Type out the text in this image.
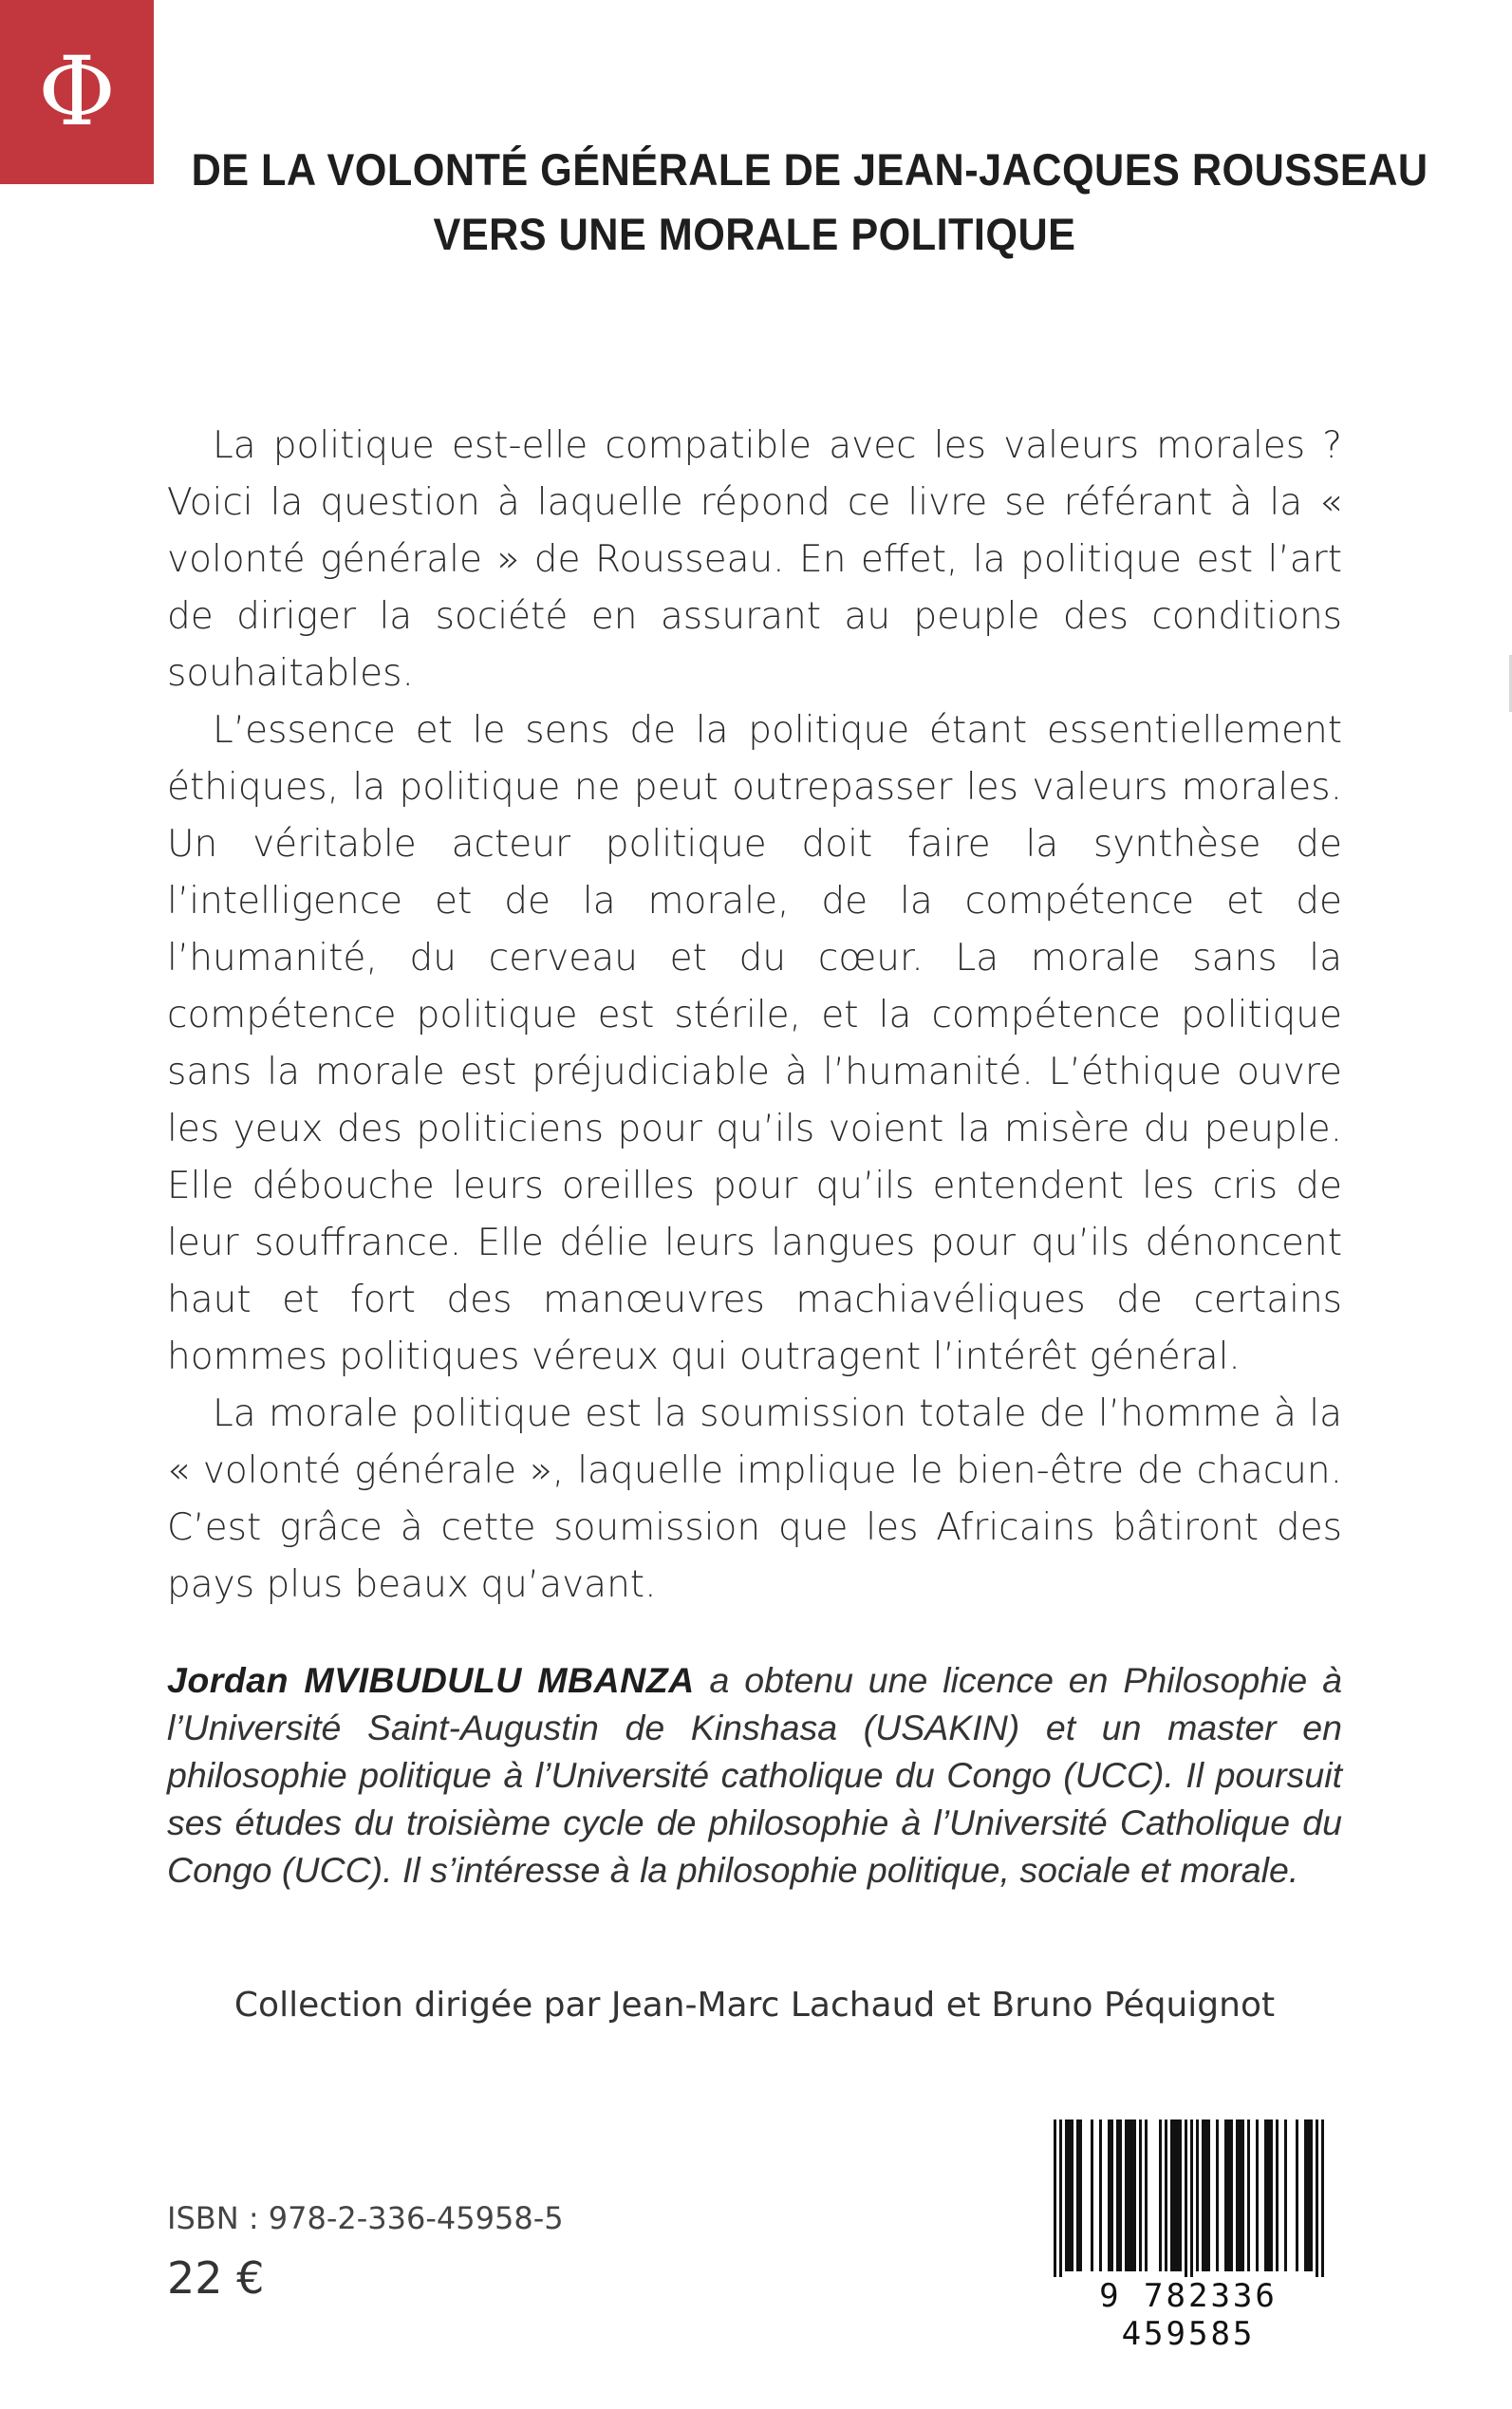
Φ
DE LA VOLONTÉ GÉNÉRALE DE JEAN-JACQUES ROUSSEAU
VERS UNE MORALE POLITIQUE

La politique est-elle compatible avec les valeurs morales ? Voici la question à laquelle répond ce livre se référant à la « volonté générale » de Rousseau. En effet, la politique est l’art de diriger la société en assurant au peuple des conditions souhaitables.

L’essence et le sens de la politique étant essentiellement éthiques, la politique ne peut outrepasser les valeurs morales. Un véritable acteur politique doit faire la synthèse de l’intelligence et de la morale, de la compétence et de l’humanité, du cerveau et du cœur. La morale sans la compétence politique est stérile, et la compétence politique sans la morale est préjudiciable à l’humanité. L’éthique ouvre les yeux des politiciens pour qu’ils voient la misère du peuple. Elle débouche leurs oreilles pour qu’ils entendent les cris de leur souffrance. Elle délie leurs langues pour qu’ils dénoncent haut et fort des manœuvres machiavéliques de certains hommes politiques véreux qui outragent l’intérêt général.

La morale politique est la soumission totale de l’homme à la « volonté générale », laquelle implique le bien-être de chacun. C’est grâce à cette soumission que les Africains bâtiront des pays plus beaux qu’avant.

Jordan MVIBUDULU MBANZA a obtenu une licence en Philosophie à l’Université Saint-Augustin de Kinshasa (USAKIN) et un master en philosophie politique à l’Université catholique du Congo (UCC). Il poursuit ses études du troisième cycle de philosophie à l’Université Catholique du Congo (UCC). Il s’intéresse à la philosophie politique, sociale et morale.
Collection dirigée par Jean-Marc Lachaud et Bruno Péquignot
ISBN : 978-2-336-45958-5
22 €	9 782336 459585
